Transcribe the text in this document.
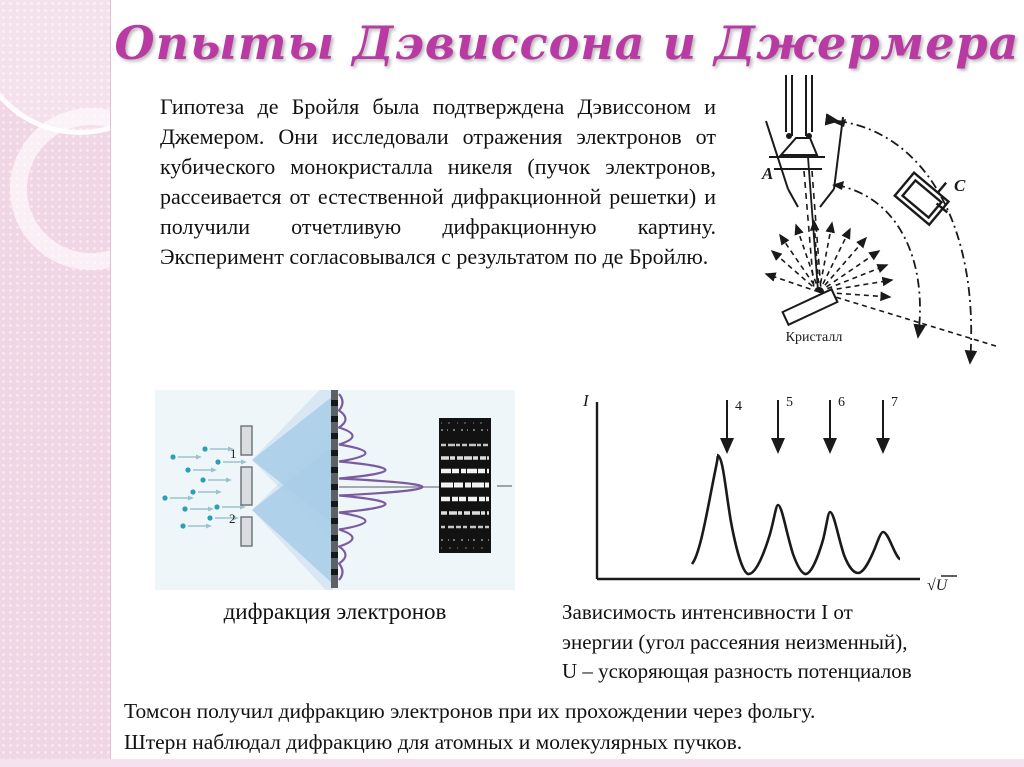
Опыты Дэвиссона и Джермера
Гипотеза де Бройля была подтверждена Дэвиссоном и Джемером. Они исследовали отражения электронов от кубического монокристалла никеля (пучок электронов, рассеивается от естественной дифракционной решетки) и получили отчетливую дифракционную картину. Эксперимент согласовывался с результатом по де Бройлю.
Кристалл
A
C
1
2
I
√U
4	5	6	7
дифракция электронов	Зависимость интенсивности I от
энергии (угол рассеяния неизменный),
U – ускоряющая разность потенциалов
Томсон получил дифракцию электронов при их прохождении через фольгу.
Штерн наблюдал дифракцию для атомных и молекулярных пучков.
